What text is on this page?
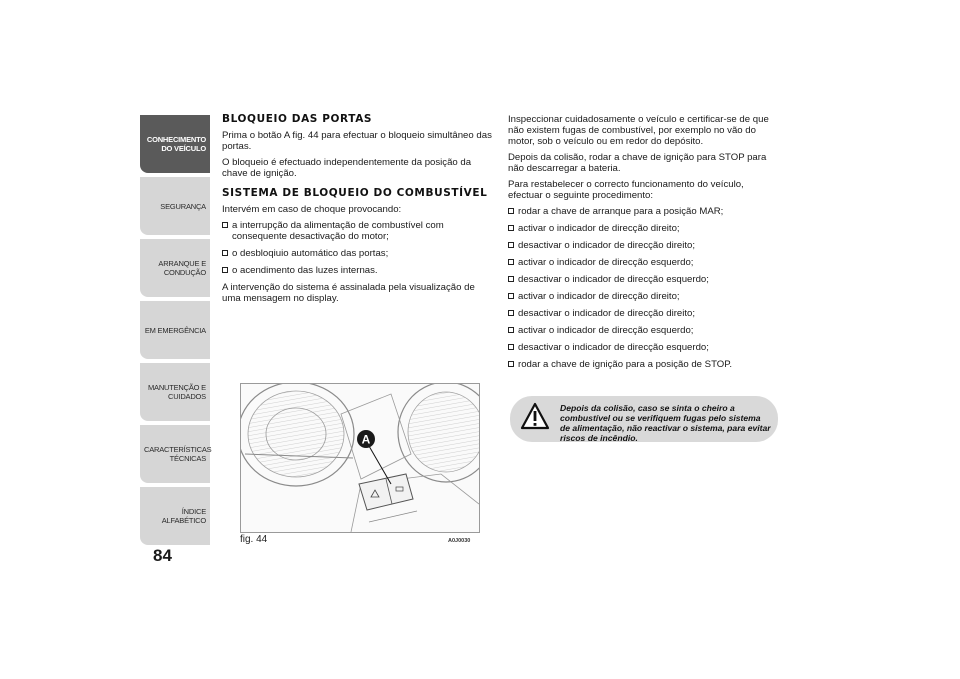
CONHECIMENTO DO VEÍCULO
SEGURANÇA
ARRANQUE E CONDUÇÃO
EM EMERGÊNCIA
MANUTENÇÃO E CUIDADOS
CARACTERÍSTICAS TÉCNICAS
ÍNDICE ALFABÉTICO
84
BLOQUEIO DAS PORTAS

Prima o botão A fig. 44 para efectuar o bloqueio simultâneo das portas.

O bloqueio é efectuado independentemente da posição da chave de ignição.

SISTEMA DE BLOQUEIO DO COMBUSTÍVEL

Intervém em caso de choque provocando:

a interrupção da alimentação de combustível com consequente desactivação do motor;
o desbloqiuio automático das portas;
o acendimento das luzes internas.

A intervenção do sistema é assinalada pela visualização de uma mensagem no display.

A
fig. 44	A0J0030

Inspeccionar cuidadosamente o veículo e certificar-se de que não existem fugas de combustível, por exemplo no vão do motor, sob o veículo ou em redor do depósito.

Depois da colisão, rodar a chave de ignição para STOP para não descarregar a bateria.

Para restabelecer o correcto funcionamento do veículo, efectuar o seguinte procedimento:

rodar a chave de arranque para a posição MAR;
activar o indicador de direcção direito;
desactivar o indicador de direcção direito;
activar o indicador de direcção esquerdo;
desactivar o indicador de direcção esquerdo;
activar o indicador de direcção direito;
desactivar o indicador de direcção direito;
activar o indicador de direcção esquerdo;
desactivar o indicador de direcção esquerdo;
rodar a chave de ignição para a posição de STOP.
Depois da colisão, caso se sinta o cheiro a combustível ou se verifiquem fugas pelo sistema de alimentação, não reactivar o sistema, para evitar riscos de incêndio.
